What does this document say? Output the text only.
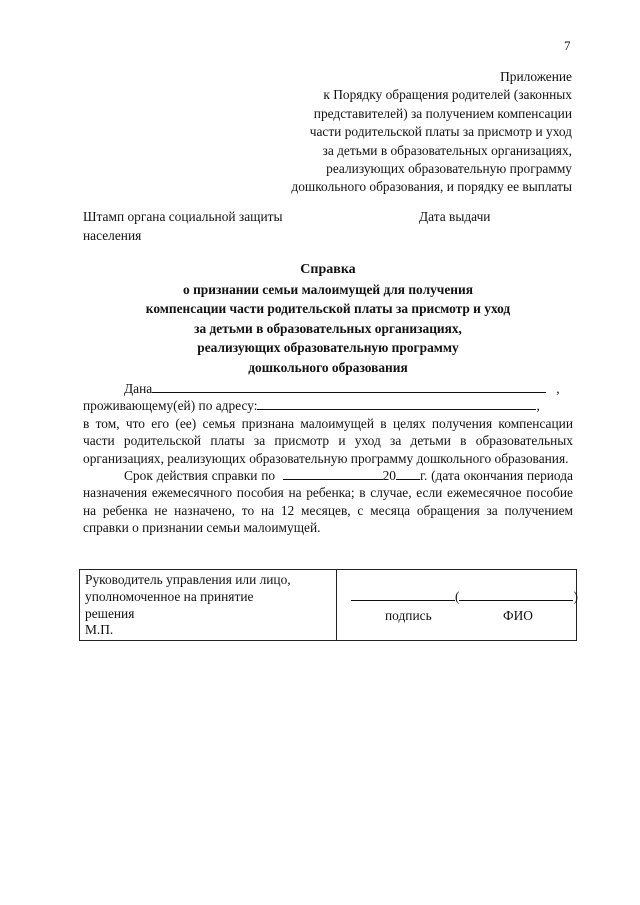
7
Приложение
к Порядку обращения родителей (законных
представителей) за получением компенсации
части родительской платы за присмотр и уход
за детьми в образовательных организациях,
реализующих образовательную программу
дошкольного образования, и порядку ее выплаты
Штамп органа социальной защиты населения
Дата выдачи
Справка
о признании семьи малоимущей для получения
компенсации части родительской платы за присмотр и уход
за детьми в образовательных организациях,
реализующих образовательную программу
дошкольного образования

Дана	,

проживающему(ей) по адресу:	,

в том, что его (ее) семья признана малоимущей в целях получения компенсации части родительской платы за присмотр и уход за детьми в образовательных организациях, реализующих образовательную программу дошкольного образования.

Срок действия справки по	20 г. (дата окончания периода назначения ежемесячного пособия на ребенка; в случае, если ежемесячное пособие на ребенка не назначено, то на 12 месяцев, с месяца обращения за получением справки о признании семьи малоимущей.

Руководитель управления или лицо,
уполномоченное на принятие
решения
М.П.

(	)
подпись	ФИО
